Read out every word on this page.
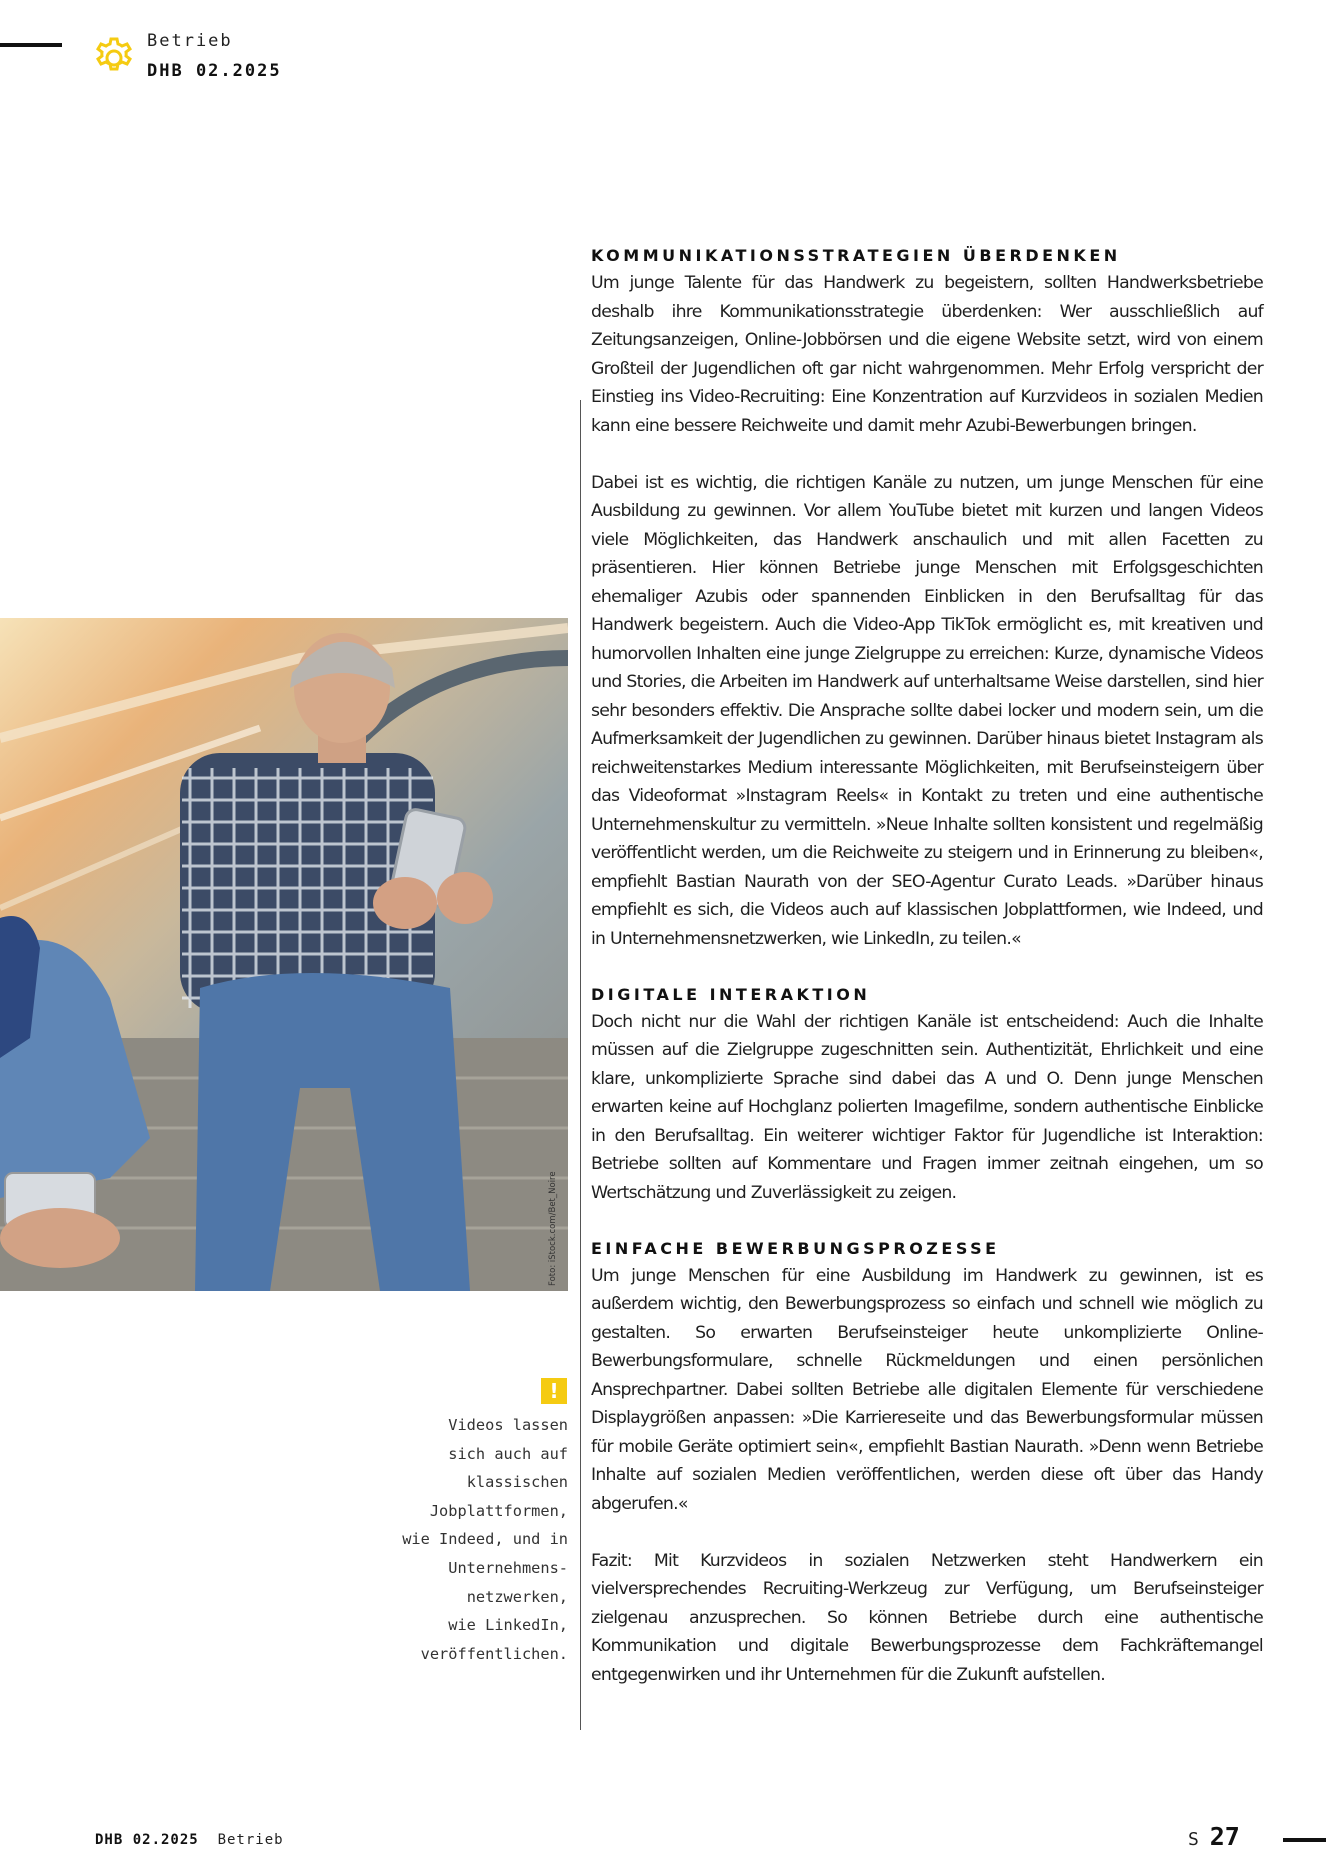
Betrieb
DHB 02.2025
Foto: iStock.com/Bet_Noire
KOMMUNIKATIONSSTRATEGIEN ÜBERDENKEN

Um junge Talente für das Handwerk zu begeistern, sollten Handwerksbetriebe deshalb ihre Kommunikationsstrategie überdenken: Wer ausschließlich auf Zeitungsanzeigen, Online-Jobbörsen und die eigene Website setzt, wird von einem Großteil der Jugendlichen oft gar nicht wahrgenommen. Mehr Erfolg verspricht der Einstieg ins Video-Recruiting: Eine Konzentration auf Kurzvideos in sozialen Medien kann eine bessere Reichweite und damit mehr Azubi-Bewerbungen bringen.

Dabei ist es wichtig, die richtigen Kanäle zu nutzen, um junge Menschen für eine Ausbildung zu gewinnen. Vor allem YouTube bietet mit kurzen und langen Videos viele Möglichkeiten, das Handwerk anschaulich und mit allen Facetten zu präsentieren. Hier können Betriebe junge Menschen mit Erfolgsgeschichten ehemaliger Azubis oder spannenden Einblicken in den Berufsalltag für das Handwerk begeistern. Auch die Video-App TikTok ermöglicht es, mit kreativen und humorvollen Inhalten eine junge Zielgruppe zu erreichen: Kurze, dynamische Videos und Stories, die Arbeiten im Handwerk auf unterhaltsame Weise darstellen, sind hier sehr besonders effektiv. Die Ansprache sollte dabei locker und modern sein, um die Aufmerksamkeit der Jugendlichen zu gewinnen. Darüber hinaus bietet Instagram als reichweitenstarkes Medium interessante Möglichkeiten, mit Berufseinsteigern über das Videoformat »Instagram Reels« in Kontakt zu treten und eine authentische Unternehmenskultur zu vermitteln. »Neue Inhalte sollten konsistent und regelmäßig veröffentlicht werden, um die Reichweite zu steigern und in Erinnerung zu bleiben«, empfiehlt Bastian Naurath von der SEO-Agentur Curato Leads. »Darüber hinaus empfiehlt es sich, die Videos auch auf klassischen Jobplattformen, wie Indeed, und in Unternehmensnetzwerken, wie LinkedIn, zu teilen.«

DIGITALE INTERAKTION

Doch nicht nur die Wahl der richtigen Kanäle ist entscheidend: Auch die Inhalte müssen auf die Zielgruppe zugeschnitten sein. Authentizität, Ehrlichkeit und eine klare, unkomplizierte Sprache sind dabei das A und O. Denn junge Menschen erwarten keine auf Hochglanz polierten Imagefilme, sondern authentische Einblicke in den Berufsalltag. Ein weiterer wichtiger Faktor für Jugendliche ist Interaktion: Betriebe sollten auf Kommentare und Fragen immer zeitnah eingehen, um so Wertschätzung und Zuverlässigkeit zu zeigen.

EINFACHE BEWERBUNGSPROZESSE

Um junge Menschen für eine Ausbildung im Handwerk zu gewinnen, ist es außerdem wichtig, den Bewerbungsprozess so einfach und schnell wie möglich zu gestalten. So erwarten Berufseinsteiger heute unkomplizierte Online-Bewerbungsformulare, schnelle Rückmeldungen und einen persönlichen Ansprechpartner. Dabei sollten Betriebe alle digitalen Elemente für verschiedene Displaygrößen anpassen: »Die Karriereseite und das Bewerbungsformular müssen für mobile Geräte optimiert sein«, empfiehlt Bastian Naurath. »Denn wenn Betriebe Inhalte auf sozialen Medien veröffentlichen, werden diese oft über das Handy abgerufen.«

Fazit: Mit Kurzvideos in sozialen Netzwerken steht Handwerkern ein vielversprechendes Recruiting-Werkzeug zur Verfügung, um Berufseinsteiger zielgenau anzusprechen. So können Betriebe durch eine authentische Kommunikation und digitale Bewerbungsprozesse dem Fachkräftemangel entgegenwirken und ihr Unternehmen für die Zukunft aufstellen.

!
Videos lassen
sich auch auf
klassischen
Jobplattformen,
wie Indeed, und in
Unternehmens-
netzwerken,
wie LinkedIn,
veröffentlichen.
DHB 02.2025 Betrieb	S 27
